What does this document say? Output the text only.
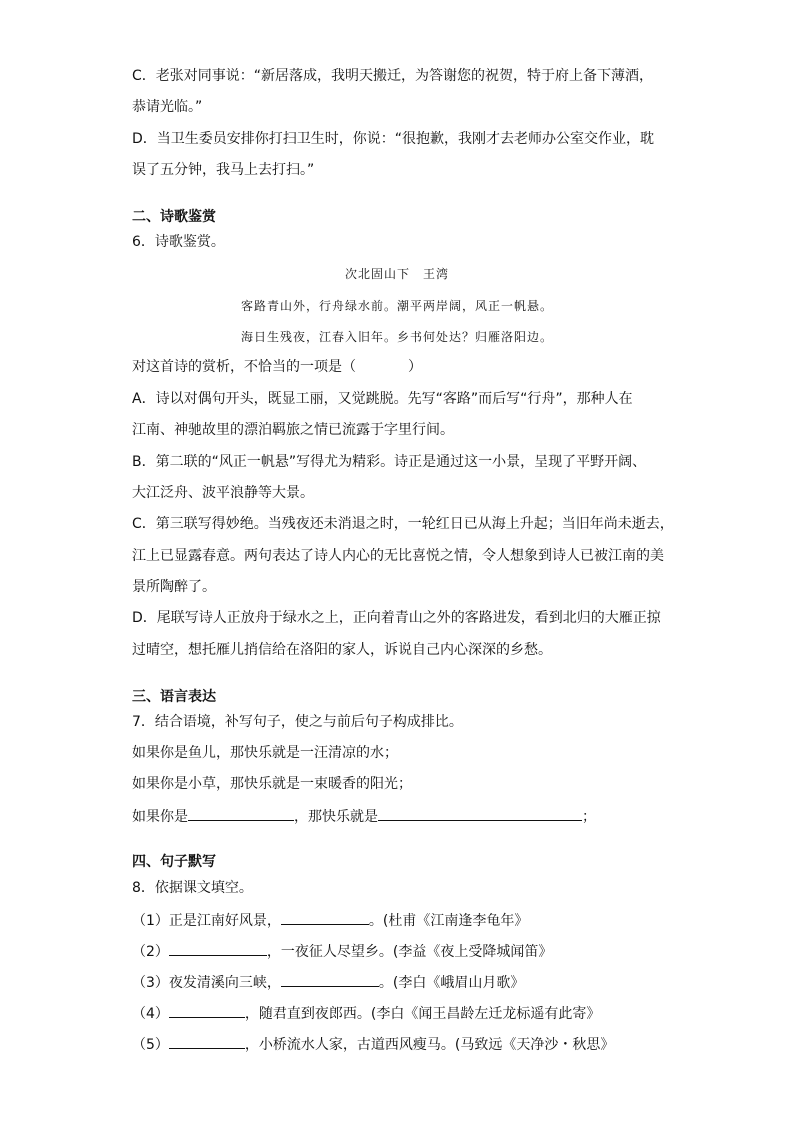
C．老张对同事说：“新居落成，我明天搬迁，为答谢您的祝贺，特于府上备下薄酒，
恭请光临。”
D．当卫生委员安排你打扫卫生时，你说：“很抱歉，我刚才去老师办公室交作业，耽
误了五分钟，我马上去打扫。”
二、诗歌鉴赏
6．诗歌鉴赏。
次北固山下　王湾
客路青山外，行舟绿水前。潮平两岸阔，风正一帆悬。
海日生残夜，江春入旧年。乡书何处达？归雁洛阳边。
对这首诗的赏析，不恰当的一项是（	）
A．诗以对偶句开头，既显工丽，又觉跳脱。先写“客路”而后写“行舟”，那种人在
江南、神驰故里的漂泊羁旅之情已流露于字里行间。
B．第二联的“风正一帆悬”写得尤为精彩。诗正是通过这一小景，呈现了平野开阔、
大江泛舟、波平浪静等大景。
C．第三联写得妙绝。当残夜还未消退之时，一轮红日已从海上升起；当旧年尚未逝去，
江上已显露春意。两句表达了诗人内心的无比喜悦之情，令人想象到诗人已被江南的美
景所陶醉了。
D．尾联写诗人正放舟于绿水之上，正向着青山之外的客路进发，看到北归的大雁正掠
过晴空，想托雁儿捎信给在洛阳的家人，诉说自己内心深深的乡愁。
三、语言表达
7．结合语境，补写句子，使之与前后句子构成排比。
如果你是鱼儿，那快乐就是一汪清凉的水；
如果你是小草，那快乐就是一束暖香的阳光；
如果你是	，那快乐就是	；
四、句子默写
8．依据课文填空。
（1）正是江南好风景，	。(杜甫《江南逢李龟年》
（2）	，一夜征人尽望乡。(李益《夜上受降城闻笛》
（3）夜发清溪向三峡，	。(李白《峨眉山月歌》
（4）	，随君直到夜郎西。(李白《闻王昌龄左迁龙标遥有此寄》
（5）	，小桥流水人家，古道西风瘦马。(马致远《天净沙・秋思》
